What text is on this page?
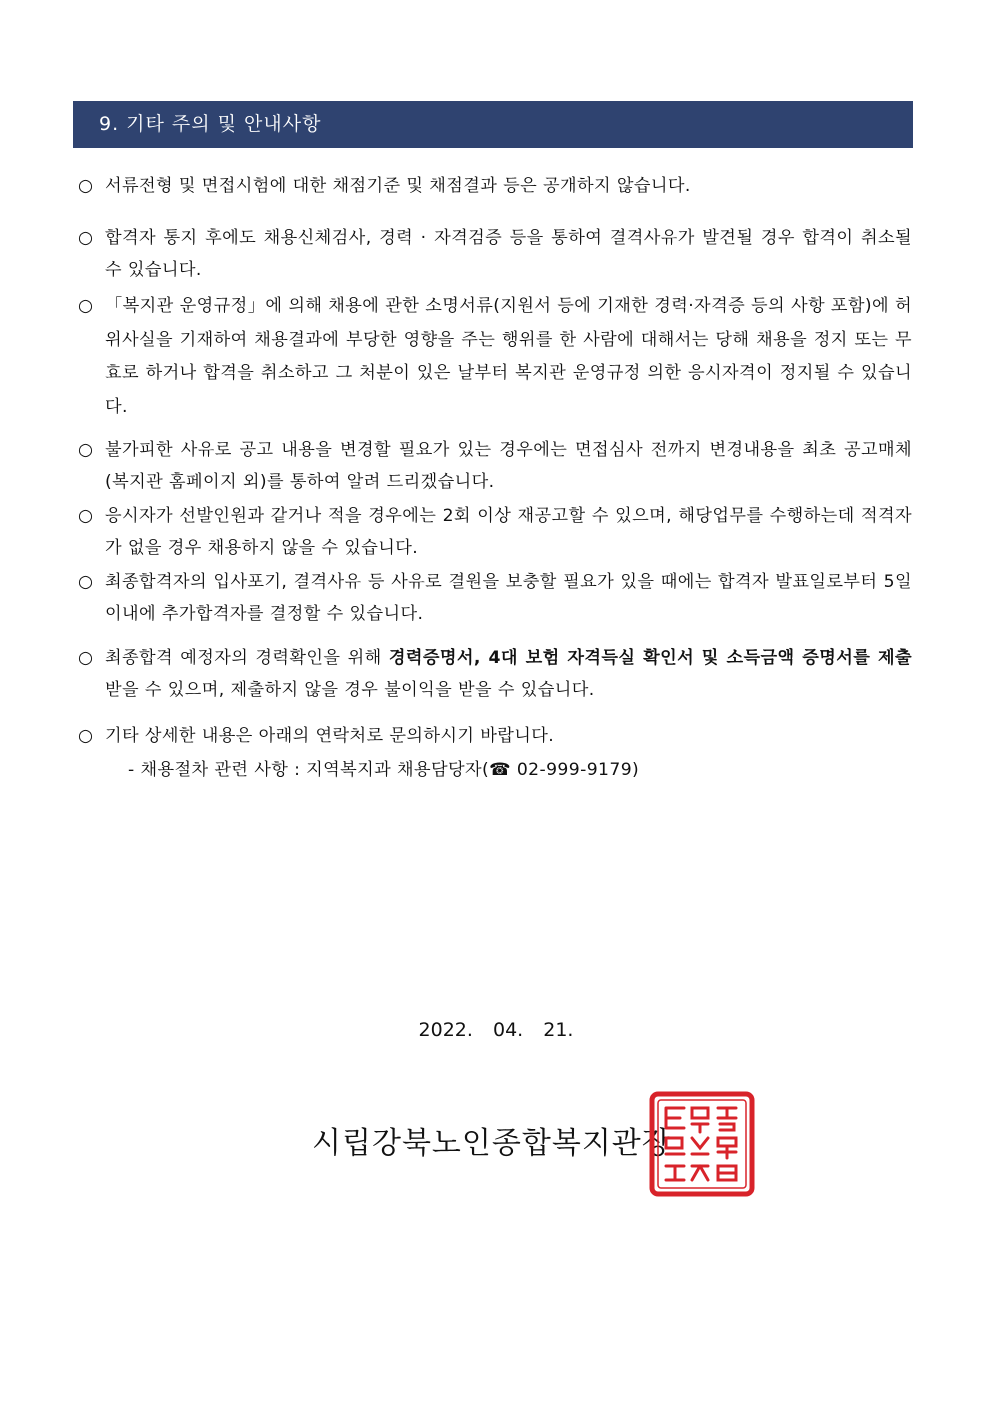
9. 기타 주의 및 안내사항
○ 서류전형 및 면접시험에 대한 채점기준 및 채점결과 등은 공개하지 않습니다.
○ 합격자 통지 후에도 채용신체검사, 경력 · 자격검증 등을 통하여 결격사유가 발견될 경우 합격이 취소될 수 있습니다.
○ 「복지관 운영규정」에 의해 채용에 관한 소명서류(지원서 등에 기재한 경력·자격증 등의 사항 포함)에 허위사실을 기재하여 채용결과에 부당한 영향을 주는 행위를 한 사람에 대해서는 당해 채용을 정지 또는 무효로 하거나 합격을 취소하고 그 처분이 있은 날부터 복지관 운영규정 의한 응시자격이 정지될 수 있습니다.
○ 불가피한 사유로 공고 내용을 변경할 필요가 있는 경우에는 면접심사 전까지 변경내용을 최초 공고매체(복지관 홈페이지 외)를 통하여 알려 드리겠습니다.
○ 응시자가 선발인원과 같거나 적을 경우에는 2회 이상 재공고할 수 있으며, 해당업무를 수행하는데 적격자가 없을 경우 채용하지 않을 수 있습니다.
○ 최종합격자의 입사포기, 결격사유 등 사유로 결원을 보충할 필요가 있을 때에는 합격자 발표일로부터 5일 이내에 추가합격자를 결정할 수 있습니다.
○ 최종합격 예정자의 경력확인을 위해 경력증명서, 4대 보험 자격득실 확인서 및 소득금액 증명서를 제출받을 수 있으며, 제출하지 않을 경우 불이익을 받을 수 있습니다.
○ 기타 상세한 내용은 아래의 연락처로 문의하시기 바랍니다.
- 채용절차 관련 사항 : 지역복지과 채용담당자(☎ 02-999-9179)
2022. 04. 21.
시립강북노인종합복지관장
